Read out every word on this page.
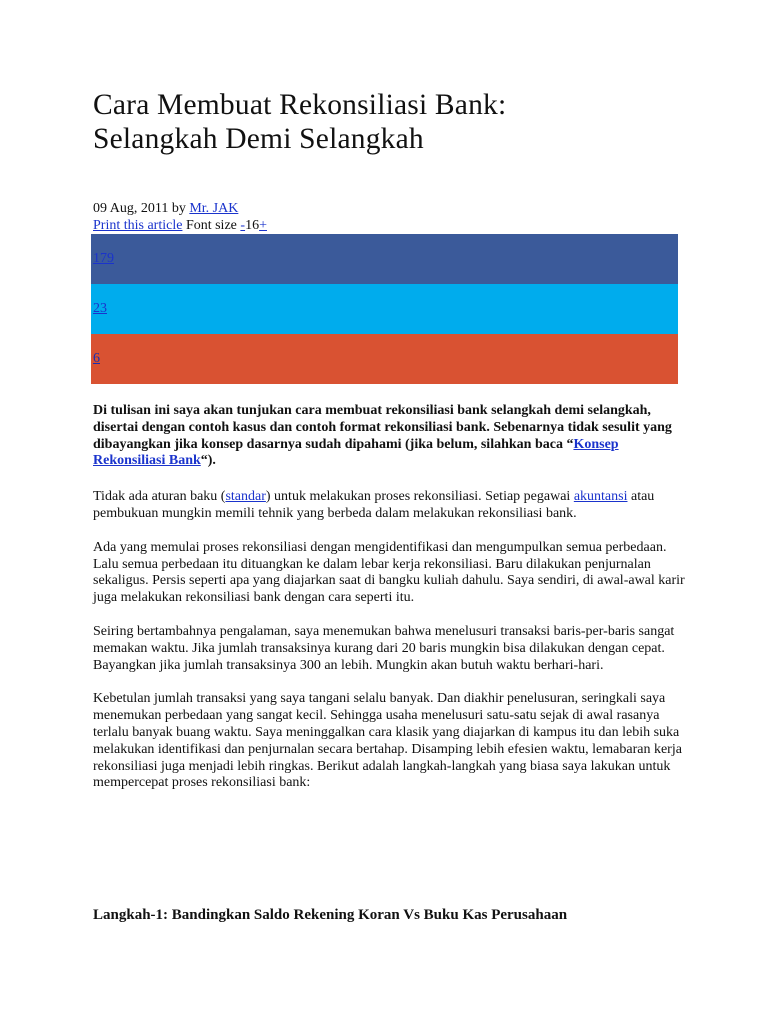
Cara Membuat Rekonsiliasi Bank:
Selangkah Demi Selangkah
09 Aug, 2011 by Mr. JAK
Print this article Font size -16+
179
23
6

Di tulisan ini saya akan tunjukan cara membuat rekonsiliasi bank selangkah demi selangkah, disertai dengan contoh kasus dan contoh format rekonsiliasi bank. Sebenarnya tidak sesulit yang dibayangkan jika konsep dasarnya sudah dipahami (jika belum, silahkan baca “Konsep Rekonsiliasi Bank“).

Tidak ada aturan baku (standar) untuk melakukan proses rekonsiliasi. Setiap pegawai akuntansi atau pembukuan mungkin memili tehnik yang berbeda dalam melakukan rekonsiliasi bank.

Ada yang memulai proses rekonsiliasi dengan mengidentifikasi dan mengumpulkan semua perbedaan. Lalu semua perbedaan itu dituangkan ke dalam lebar kerja rekonsiliasi. Baru dilakukan penjurnalan sekaligus. Persis seperti apa yang diajarkan saat di bangku kuliah dahulu. Saya sendiri, di awal-awal karir juga melakukan rekonsiliasi bank dengan cara seperti itu.

Seiring bertambahnya pengalaman, saya menemukan bahwa menelusuri transaksi baris-per-baris sangat memakan waktu. Jika jumlah transaksinya kurang dari 20 baris mungkin bisa dilakukan dengan cepat. Bayangkan jika jumlah transaksinya 300 an lebih. Mungkin akan butuh waktu berhari-hari.

Kebetulan jumlah transaksi yang saya tangani selalu banyak. Dan diakhir penelusuran, seringkali saya menemukan perbedaan yang sangat kecil. Sehingga usaha menelusuri satu-satu sejak di awal rasanya terlalu banyak buang waktu. Saya meninggalkan cara klasik yang diajarkan di kampus itu dan lebih suka melakukan identifikasi dan penjurnalan secara bertahap. Disamping lebih efesien waktu, lemabaran kerja rekonsiliasi juga menjadi lebih ringkas. Berikut adalah langkah-langkah yang biasa saya lakukan untuk mempercepat proses rekonsiliasi bank:

Langkah-1: Bandingkan Saldo Rekening Koran Vs Buku Kas Perusahaan
